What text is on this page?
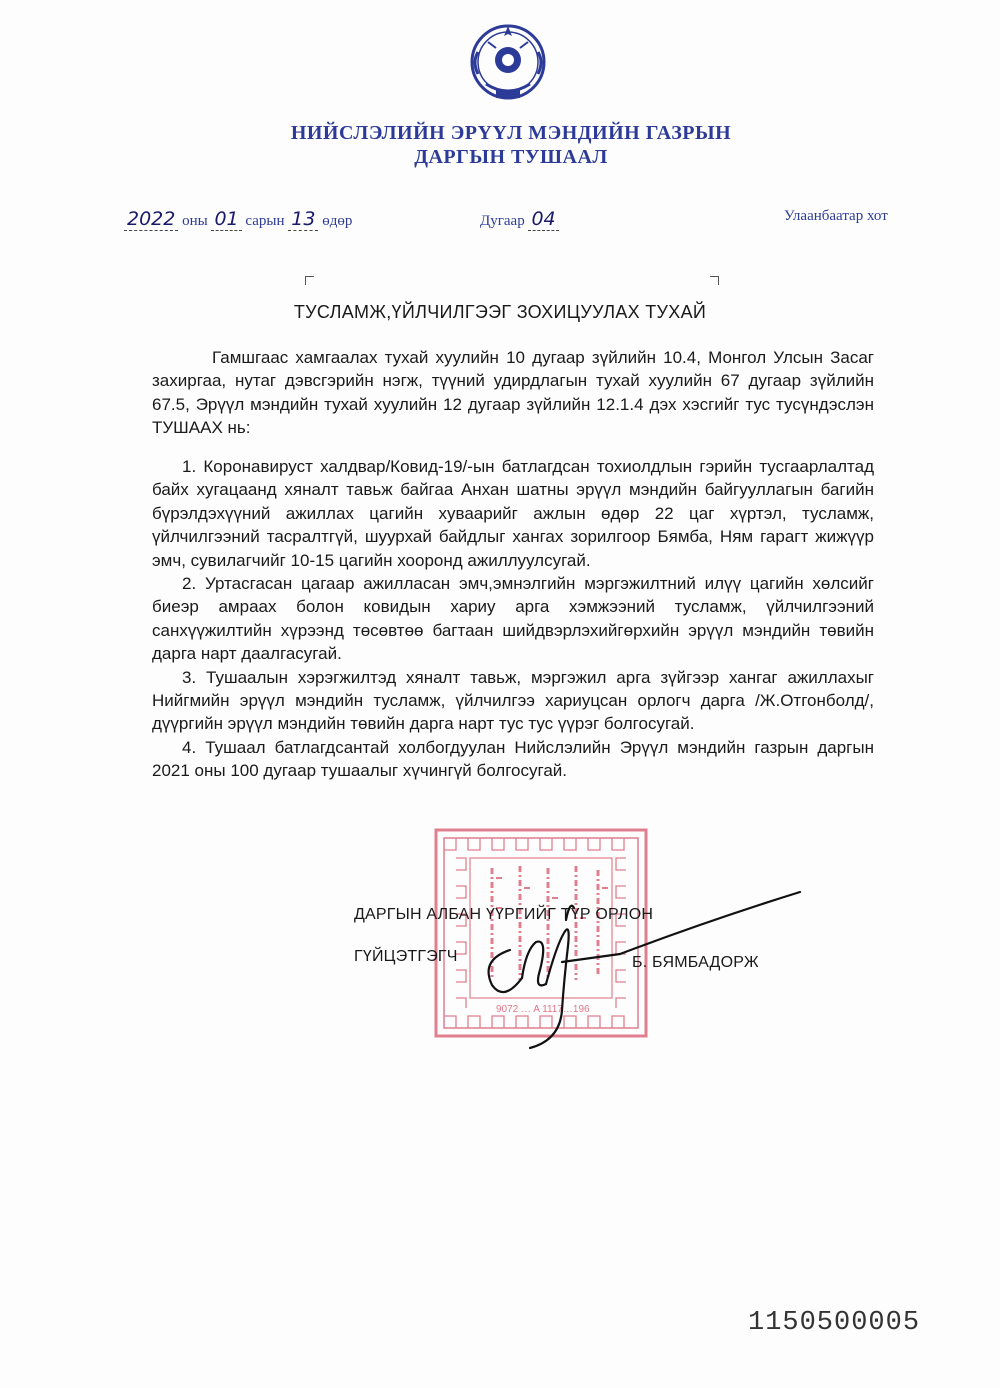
НИЙСЛЭЛИЙН ЭРҮҮЛ МЭНДИЙН ГАЗРЫН
ДАРГЫН ТУШААЛ
2022 оны 01 сарын 13 өдөр	Дугаар 04	Улаанбаатар хот
ТУСЛАМЖ,ҮЙЛЧИЛГЭЭГ ЗОХИЦУУЛАХ ТУХАЙ

Гамшгаас хамгаалах тухай хуулийн 10 дугаар зүйлийн 10.4, Монгол Улсын Засаг захиргаа, нутаг дэвсгэрийн нэгж, түүний удирдлагын тухай хуулийн 67 дугаар зүйлийн 67.5, Эрүүл мэндийн тухай хуулийн 12 дугаар зүйлийн 12.1.4 дэх хэсгийг тус тусүндэслэн ТУШААХ нь:

1. Коронавируст халдвар/Ковид-19/-ын батлагдсан тохиолдлын гэрийн тусгаарлалтад байх хугацаанд хяналт тавьж байгаа Анхан шатны эрүүл мэндийн байгууллагын багийн бүрэлдэхүүний ажиллах цагийн хуваарийг ажлын өдөр 22 цаг хүртэл, тусламж, үйлчилгээний тасралтгүй, шуурхай байдлыг хангах зорилгоор Бямба, Ням гарагт жижүүр эмч, сувилагчийг 10-15 цагийн хооронд ажиллуулсугай.

2. Уртасгасан цагаар ажилласан эмч,эмнэлгийн мэргэжилтний илүү цагийн хөлсийг биеэр амраах болон ковидын хариу арга хэмжээний тусламж, үйлчилгээний санхүүжилтийн хүрээнд төсөвтөө багтаан шийдвэрлэхийгөрхийн эрүүл мэндийн төвийн дарга нарт даалгасугай.

3. Тушаалын хэрэгжилтэд хяналт тавьж, мэргэжил арга зүйгээр хангаг ажиллахыг Нийгмийн эрүүл мэндийн тусламж, үйлчилгээ хариуцсан орлогч дарга /Ж.Отгонболд/, дүүргийн эрүүл мэндийн төвийн дарга нарт тус тус үүрэг болгосугай.

4. Тушаал батлагдсантай холбогдуулан Нийслэлийн Эрүүл мэндийн газрын даргын 2021 оны 100 дугаар тушаалыг хүчингүй болгосугай.

9072 … A 1117…196
ДАРГЫН АЛБАН ҮҮРГИЙГ ТҮР ОРЛОН
ГҮЙЦЭТГЭГЧ	Б. БЯМБАДОРЖ
1150500005
